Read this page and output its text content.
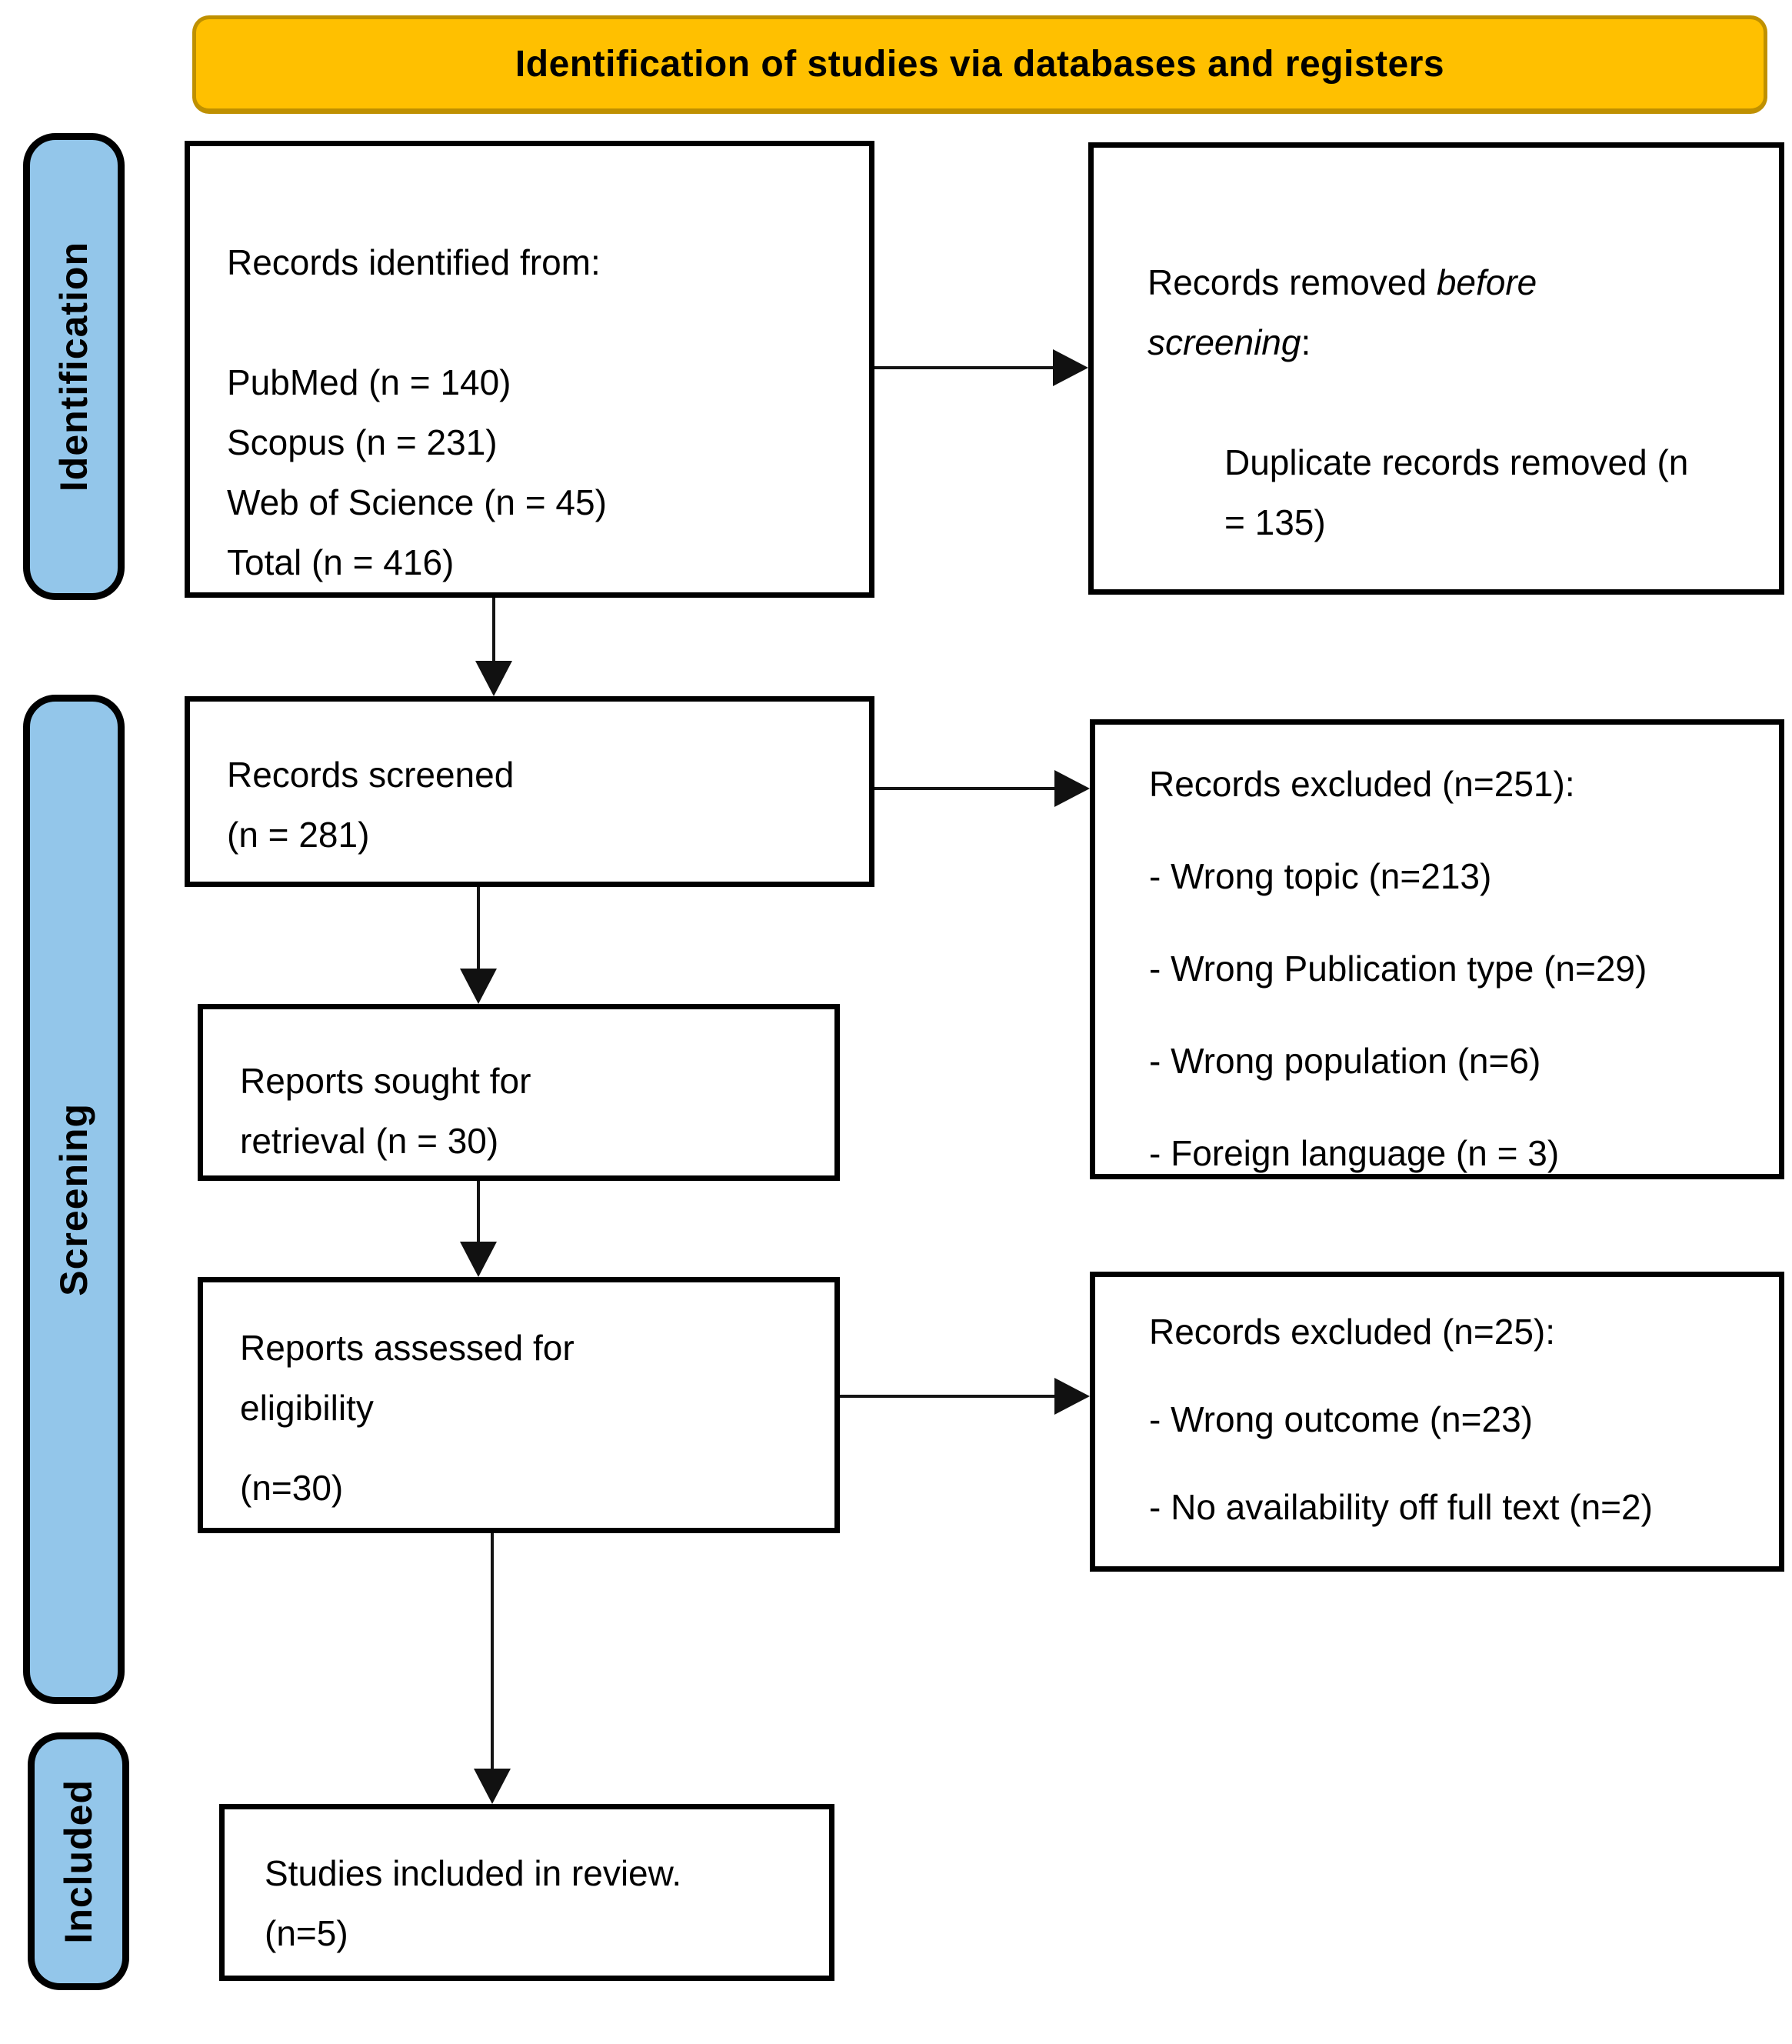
Identification of studies via databases and registers
Identification
Screening
Included
Records identified from:
PubMed (n = 140)
Scopus (n = 231)
Web of Science (n = 45)
Total (n = 416)
Records removed before screening:
Duplicate records removed (n = 135)
Records screened
(n = 281)
Records excluded (n=251):
- Wrong topic (n=213)
- Wrong Publication type (n=29)
- Wrong population (n=6)
- Foreign language (n = 3)
Reports sought for
retrieval (n = 30)
Reports assessed for
eligibility
(n=30)
Records excluded (n=25):
- Wrong outcome (n=23)
- No availability off full text (n=2)
Studies included in review.
(n=5)
